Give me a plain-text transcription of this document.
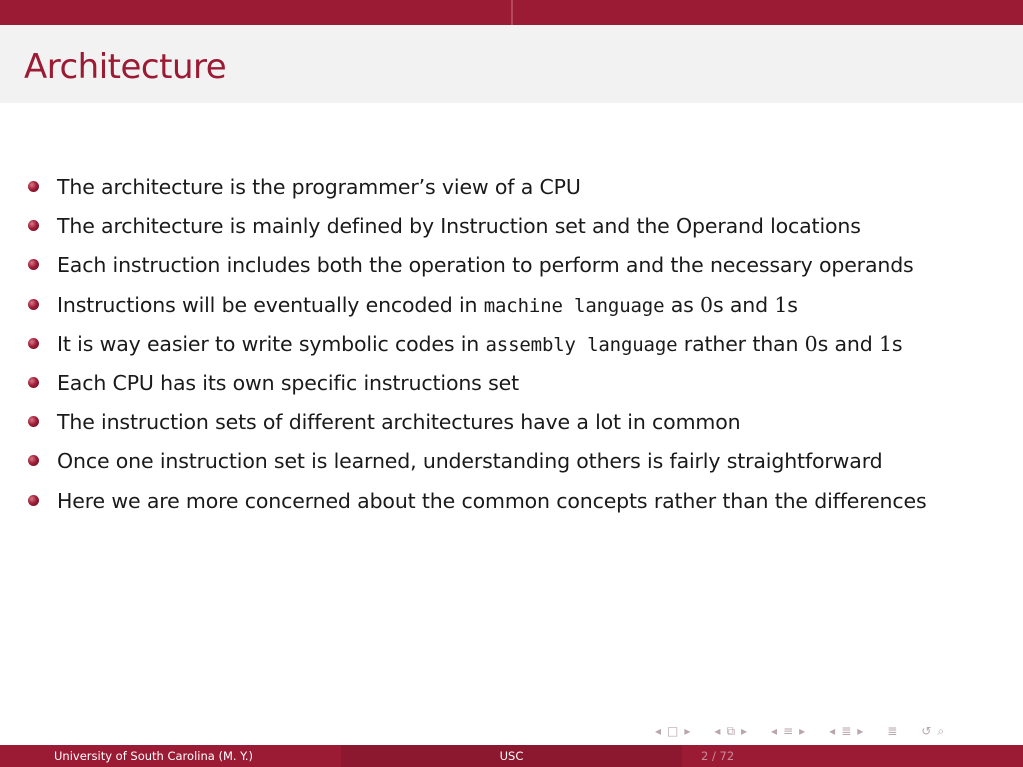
Architecture
The architecture is the programmer’s view of a CPU
The architecture is mainly defined by Instruction set and the Operand locations
Each instruction includes both the operation to perform and the necessary operands
Instructions will be eventually encoded in machine language as 0s and 1s
It is way easier to write symbolic codes in assembly language rather than 0s and 1s
Each CPU has its own specific instructions set
The instruction sets of different architectures have a lot in common
Once one instruction set is learned, understanding others is fairly straightforward
Here we are more concerned about the common concepts rather than the differences
◂ □ ▸ ◂ ⧉ ▸ ◂ ≡ ▸ ◂ ≣ ▸ ≣ ↺ ⌕
University of South Carolina (M. Y.)	USC	2 / 72
